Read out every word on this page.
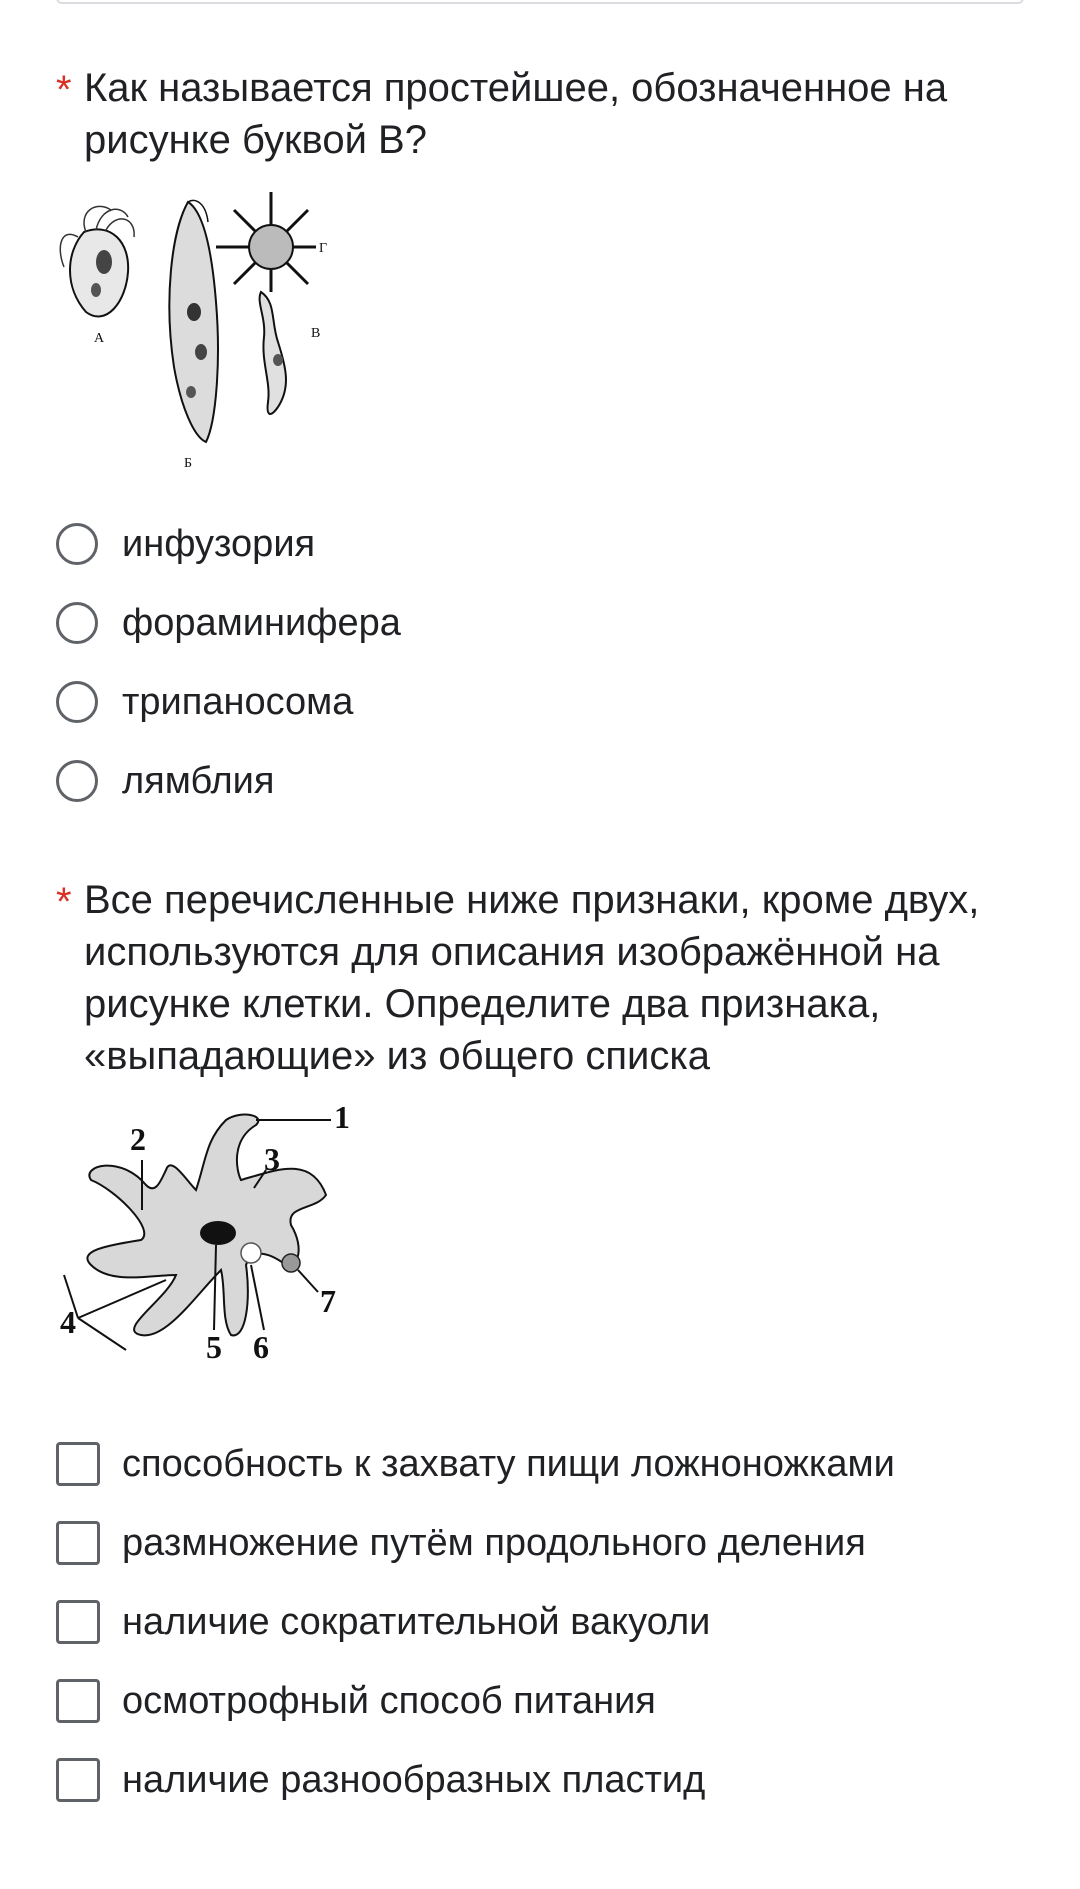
* Как называется простейшее, обозначенное на рисунке буквой В?
А
Б
Г
В
инфузория
фораминифера
трипаносома
лямблия
* Все перечисленные ниже признаки, кроме двух, используются для описания изображённой на рисунке клетки. Определите два признака, «выпадающие» из общего списка
1
2
3
4
5 6
7
способность к захвату пищи ложноножками
размножение путём продольного деления
наличие сократительной вакуоли
осмотрофный способ питания
наличие разнообразных пластид
